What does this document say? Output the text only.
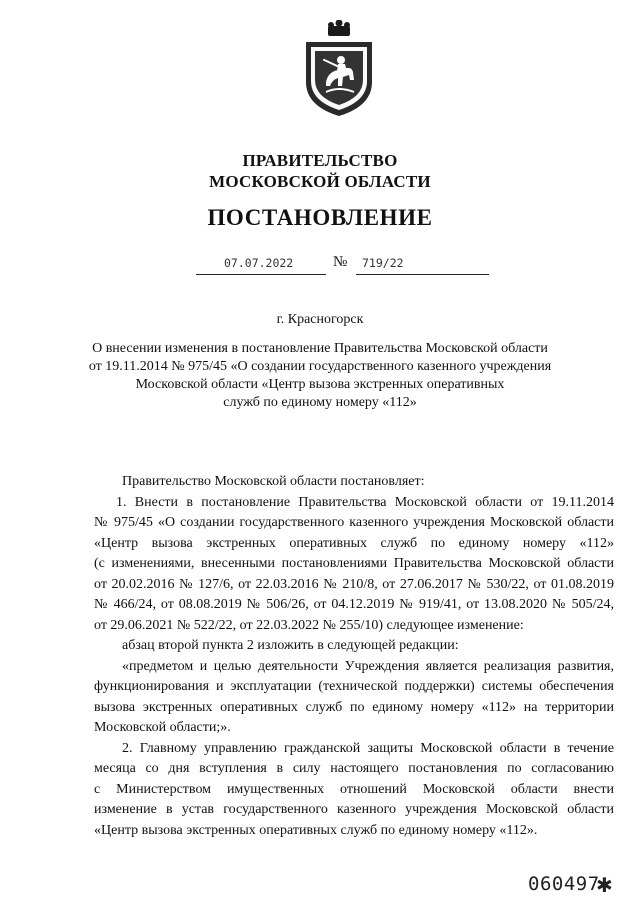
ПРАВИТЕЛЬСТВО
МОСКОВСКОЙ ОБЛАСТИ
ПОСТАНОВЛЕНИЕ
07.07.2022	№ 719/22
г. Красногорск
О внесении изменения в постановление Правительства Московской области
от 19.11.2014 № 975/45 «О создании государственного казенного учреждения
Московской области «Центр вызова экстренных оперативных
служб по единому номеру «112»

Правительство Московской области постановляет:

1. Внести в постановление Правительства Московской области от 19.11.2014
№ 975/45 «О создании государственного казенного учреждения Московской области
«Центр вызова экстренных оперативных служб по единому номеру «112»
(с изменениями, внесенными постановлениями Правительства Московской области
от 20.02.2016 № 127/6, от 22.03.2016 № 210/8, от 27.06.2017 № 530/22, от 01.08.2019
№ 466/24, от 08.08.2019 № 506/26, от 04.12.2019 № 919/41, от 13.08.2020 № 505/24,
от 29.06.2021 № 522/22, от 22.03.2022 № 255/10) следующее изменение:

абзац второй пункта 2 изложить в следующей редакции:

«предметом и целью деятельности Учреждения является реализация развития,
функционирования и эксплуатации (технической поддержки) системы обеспечения
вызова экстренных оперативных служб по единому номеру «112» на территории
Московской области;».
2. Главному управлению гражданской защиты Московской области в течение
месяца со дня вступления в силу настоящего постановления по согласованию
с Министерством имущественных отношений Московской области внести
изменение в устав государственного казенного учреждения Московской области
«Центр вызова экстренных оперативных служб по единому номеру «112».
060497
✱
